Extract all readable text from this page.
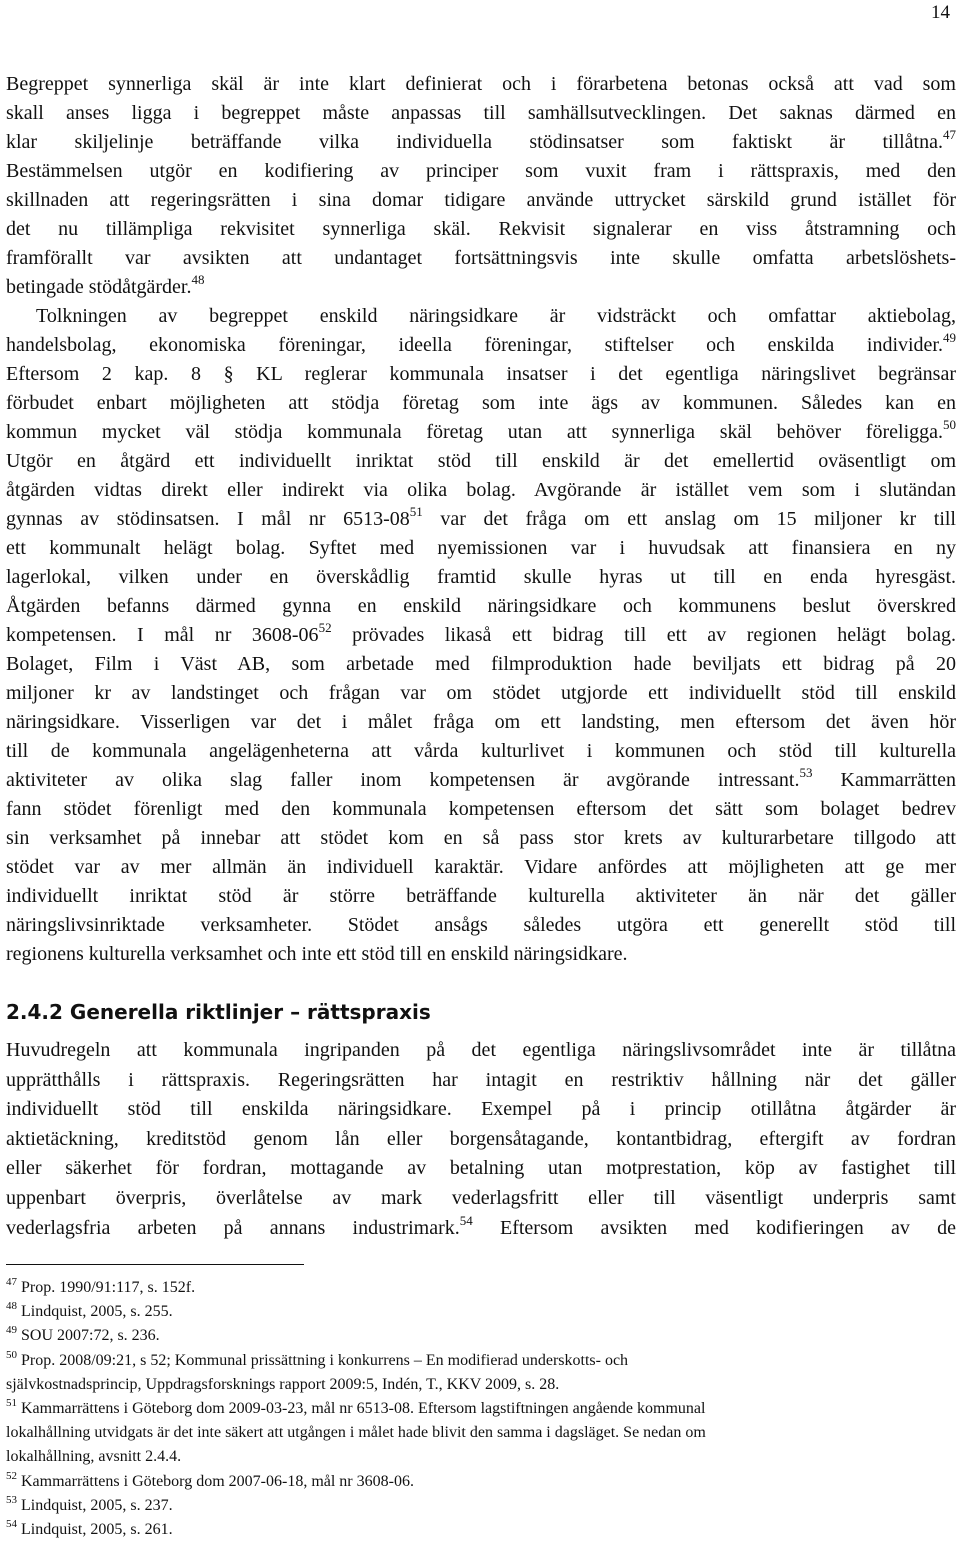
14
Begreppet synnerliga skäl är inte klart definierat och i förarbetena betonas också att vad som
skall anses ligga i begreppet måste anpassas till samhällsutvecklingen. Det saknas därmed en
klar skiljelinje beträffande vilka individuella stödinsatser som faktiskt är tillåtna.$^{47}$
Bestämmelsen utgör en kodifiering av principer som vuxit fram i rättspraxis, med den
skillnaden att regeringsrätten i sina domar tidigare använde uttrycket särskild grund istället för
det nu tillämpliga rekvisitet synnerliga skäl. Rekvisit signalerar en viss åtstramning och
framförallt var avsikten att undantaget fortsättningsvis inte skulle omfatta arbetslöshets-
betingade stödåtgärder.$^{48}$
Tolkningen av begreppet enskild näringsidkare är vidsträckt och omfattar aktiebolag,
handelsbolag, ekonomiska föreningar, ideella föreningar, stiftelser och enskilda individer.$^{49}$
Eftersom 2 kap. 8 § KL reglerar kommunala insatser i det egentliga näringslivet begränsar
förbudet enbart möjligheten att stödja företag som inte ägs av kommunen. Således kan en
kommun mycket väl stödja kommunala företag utan att synnerliga skäl behöver föreligga.$^{50}$
Utgör en åtgärd ett individuellt inriktat stöd till enskild är det emellertid oväsentligt om
åtgärden vidtas direkt eller indirekt via olika bolag. Avgörande är istället vem som i slutändan
gynnas av stödinsatsen. I mål nr $6513-08^{51}$ var det fråga om ett anslag om 15 miljoner kr till
ett kommunalt helägt bolag. Syftet med nyemissionen var i huvudsak att finansiera en ny
lagerlokal, vilken under en överskådlig framtid skulle hyras ut till en enda hyresgäst.
Åtgärden befanns därmed gynna en enskild näringsidkare och kommunens beslut överskred
kompetensen. I mål nr $3608-06^{52}$ prövades likaså ett bidrag till ett av regionen helägt bolag.
Bolaget, Film i Väst AB, som arbetade med filmproduktion hade beviljats ett bidrag på 20
miljoner kr av landstinget och frågan var om stödet utgjorde ett individuellt stöd till enskild
näringsidkare. Visserligen var det i målet fråga om ett landsting, men eftersom det även hör
till de kommunala angelägenheterna att vårda kulturlivet i kommunen och stöd till kulturella
aktiviteter av olika slag faller inom kompetensen är avgörande intressant.$^{53}$ Kammarrätten
fann stödet förenligt med den kommunala kompetensen eftersom det sätt som bolaget bedrev
sin verksamhet på innebar att stödet kom en så pass stor krets av kulturarbetare tillgodo att
stödet var av mer allmän än individuell karaktär. Vidare anfördes att möjligheten att ge mer
individuellt inriktat stöd är större beträffande kulturella aktiviteter än när det gäller
näringslivsinriktade verksamheter. Stödet ansågs således utgöra ett generellt stöd till
regionens kulturella verksamhet och inte ett stöd till en enskild näringsidkare.
2.4.2 Generella riktlinjer – rättspraxis
Huvudregeln att kommunala ingripanden på det egentliga näringslivsområdet inte är tillåtna
upprätthålls i rättspraxis. Regeringsrätten har intagit en restriktiv hållning när det gäller
individuellt stöd till enskilda näringsidkare. Exempel på i princip otillåtna åtgärder är
aktietäckning, kreditstöd genom lån eller borgensåtagande, kontantbidrag, eftergift av fordran
eller säkerhet för fordran, mottagande av betalning utan motprestation, köp av fastighet till
uppenbart överpris, överlåtelse av mark vederlagsfritt eller till väsentligt underpris samt
vederlagsfria arbeten på annans industrimark.$^{54}$ Eftersom avsikten med kodifieringen av de
$^{47}$ Prop. 1990/91:117, s. 152f.
$^{48}$ Lindquist, 2005, s. 255.
$^{49}$ SOU 2007:72, s. 236.
$^{50}$ Prop. 2008/09:21, s 52; Kommunal prissättning i konkurrens – En modifierad underskotts- och
självkostnadsprincip, Uppdragsforsknings rapport 2009:5, Indén, T., KKV 2009, s. 28.
$^{51}$ Kammarrättens i Göteborg dom 2009-03-23, mål nr 6513-08. Eftersom lagstiftningen angående kommunal
lokalhållning utvidgats är det inte säkert att utgången i målet hade blivit den samma i dagsläget. Se nedan om
lokalhållning, avsnitt 2.4.4.
$^{52}$ Kammarrättens i Göteborg dom 2007-06-18, mål nr 3608-06.
$^{53}$ Lindquist, 2005, s. 237.
$^{54}$ Lindquist, 2005, s. 261.
